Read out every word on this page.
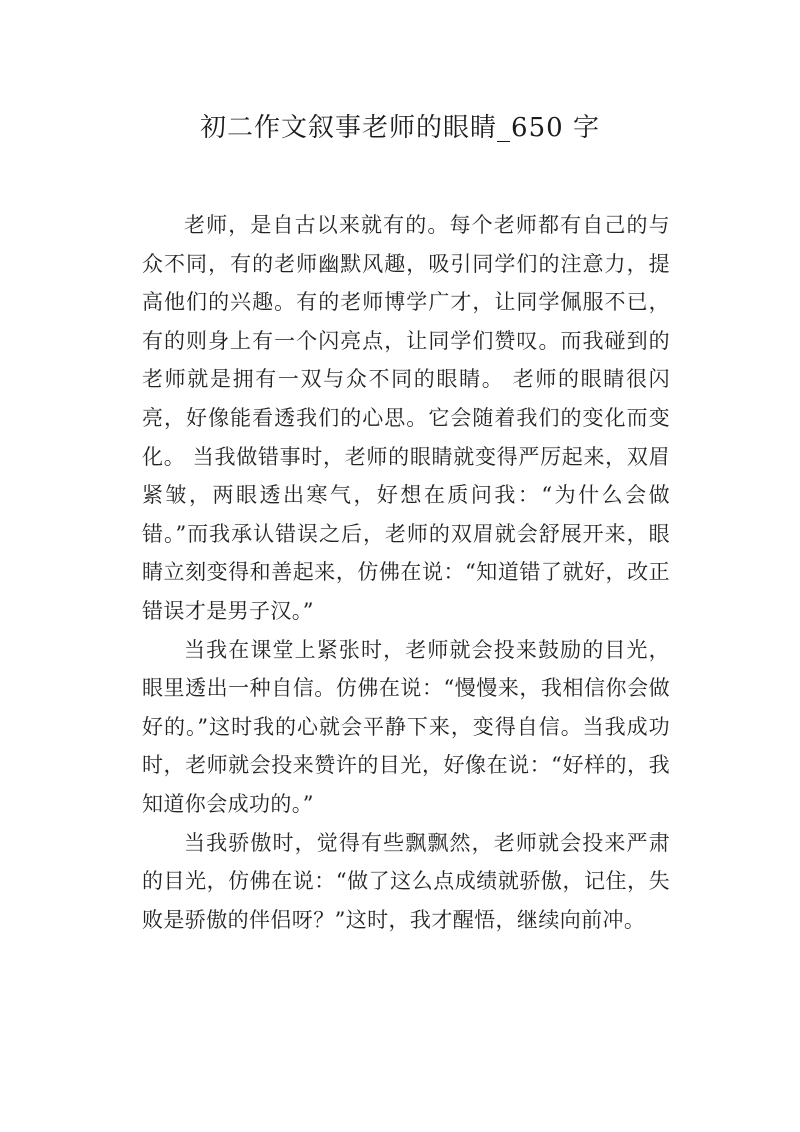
初二作文叙事老师的眼睛_650 字

老师，是自古以来就有的。每个老师都有自己的与众不同，有的老师幽默风趣，吸引同学们的注意力，提高他们的兴趣。有的老师博学广才，让同学佩服不已，有的则身上有一个闪亮点，让同学们赞叹。而我碰到的老师就是拥有一双与众不同的眼睛。 老师的眼睛很闪亮，好像能看透我们的心思。它会随着我们的变化而变化。 当我做错事时，老师的眼睛就变得严厉起来，双眉紧皱，两眼透出寒气，好想在质问我：“为什么会做错。”而我承认错误之后，老师的双眉就会舒展开来，眼睛立刻变得和善起来，仿佛在说：“知道错了就好，改正错误才是男子汉。”

当我在课堂上紧张时，老师就会投来鼓励的目光，眼里透出一种自信。仿佛在说：“慢慢来，我相信你会做好的。”这时我的心就会平静下来，变得自信。当我成功时，老师就会投来赞许的目光，好像在说：“好样的，我知道你会成功的。”

当我骄傲时，觉得有些飘飘然，老师就会投来严肃的目光，仿佛在说：“做了这么点成绩就骄傲，记住，失败是骄傲的伴侣呀？”这时，我才醒悟，继续向前冲。
